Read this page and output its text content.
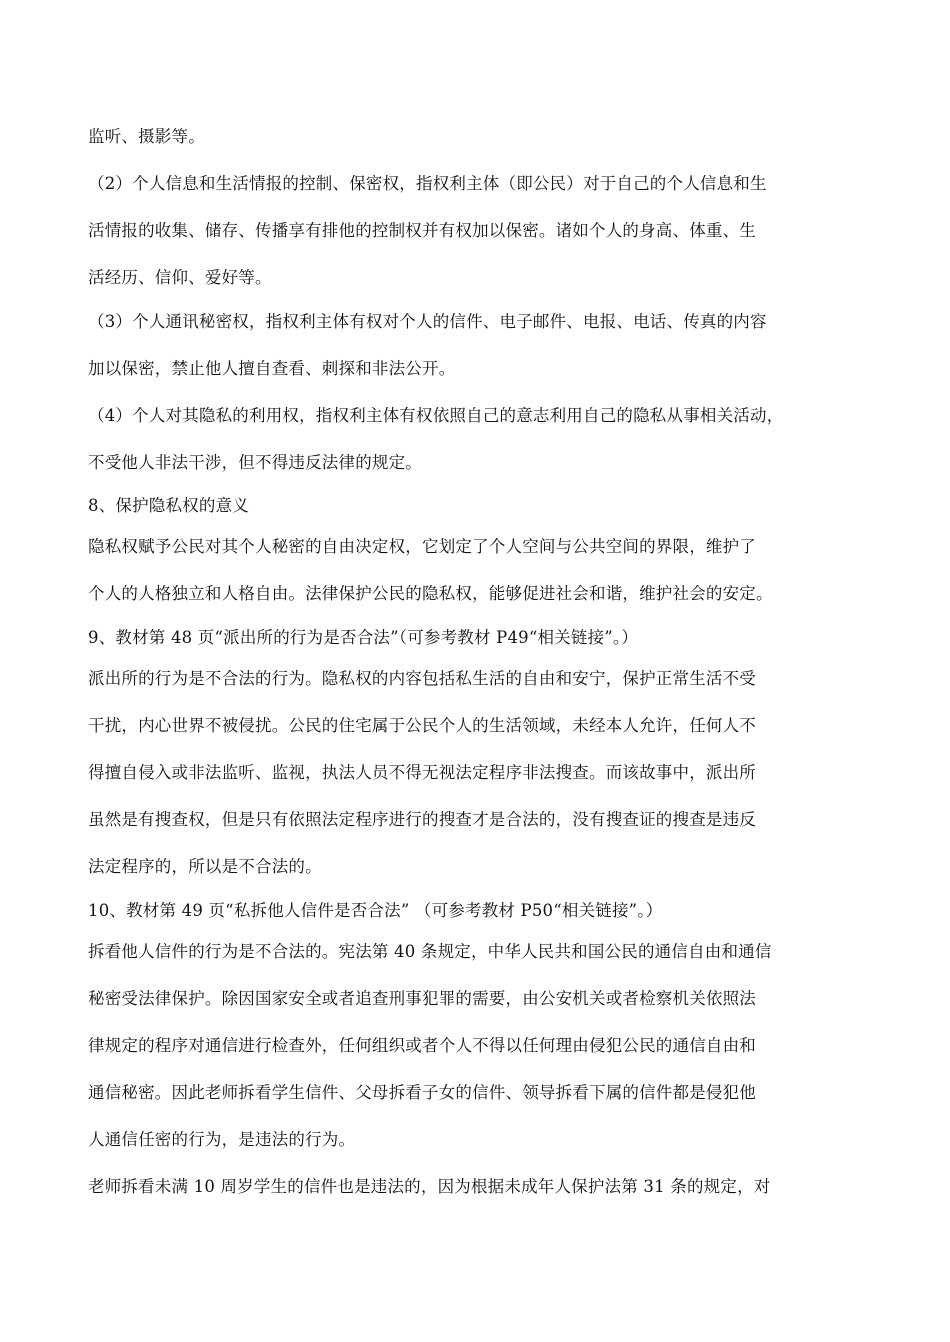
监听、摄影等。
（2）个人信息和生活情报的控制、保密权，指权利主体（即公民）对于自己的个人信息和生
活情报的收集、储存、传播享有排他的控制权并有权加以保密。诸如个人的身高、体重、生
活经历、信仰、爱好等。
（3）个人通讯秘密权，指权利主体有权对个人的信件、电子邮件、电报、电话、传真的内容
加以保密，禁止他人擅自查看、刺探和非法公开。
（4）个人对其隐私的利用权，指权利主体有权依照自己的意志利用自己的隐私从事相关活动，
不受他人非法干涉，但不得违反法律的规定。
8、保护隐私权的意义
隐私权赋予公民对其个人秘密的自由决定权，它划定了个人空间与公共空间的界限，维护了
个人的人格独立和人格自由。法律保护公民的隐私权，能够促进社会和谐，维护社会的安定。
9、教材第 48 页“派出所的行为是否合法”（可参考教材 P49“相关链接”。）
派出所的行为是不合法的行为。隐私权的内容包括私生活的自由和安宁，保护正常生活不受
干扰，内心世界不被侵扰。公民的住宅属于公民个人的生活领域，未经本人允许，任何人不
得擅自侵入或非法监听、监视，执法人员不得无视法定程序非法搜查。而该故事中，派出所
虽然是有搜查权，但是只有依照法定程序进行的搜查才是合法的，没有搜查证的搜查是违反
法定程序的，所以是不合法的。
10、教材第 49 页“私拆他人信件是否合法” （可参考教材 P50“相关链接”。）
拆看他人信件的行为是不合法的。宪法第 40 条规定，中华人民共和国公民的通信自由和通信
秘密受法律保护。除因国家安全或者追查刑事犯罪的需要，由公安机关或者检察机关依照法
律规定的程序对通信进行检查外，任何组织或者个人不得以任何理由侵犯公民的通信自由和
通信秘密。因此老师拆看学生信件、父母拆看子女的信件、领导拆看下属的信件都是侵犯他
人通信任密的行为，是违法的行为。
老师拆看未满 10 周岁学生的信件也是违法的，因为根据未成年人保护法第 31 条的规定，对
